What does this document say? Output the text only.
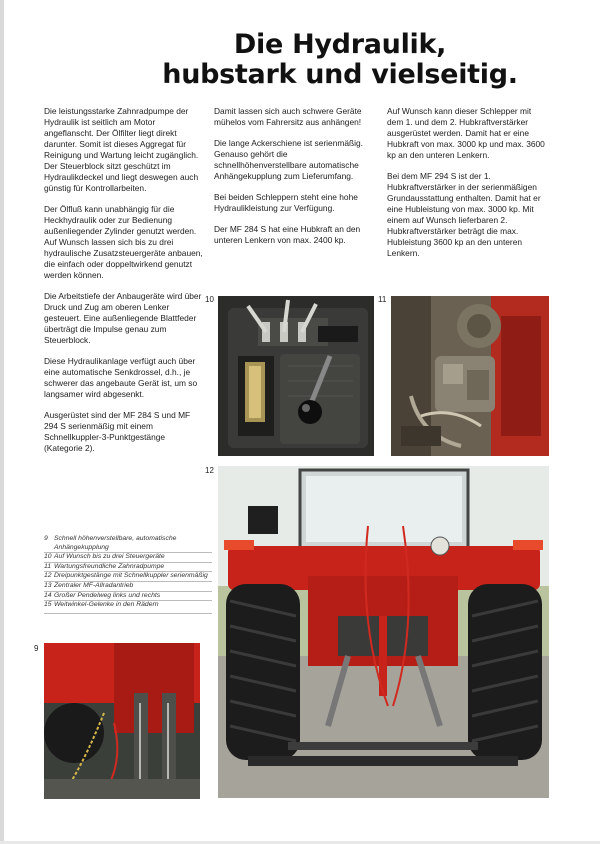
Die Hydraulik,
hubstark und vielseitig.

Die leistungsstarke Zahnradpumpe der Hydraulik ist seitlich am Motor angeflanscht. Der Ölfilter liegt direkt darunter. Somit ist dieses Aggregat für Reinigung und Wartung leicht zugänglich. Der Steuerblock sitzt geschützt im Hydraulikdeckel und liegt deswegen auch günstig für Kontrollarbeiten.

Der Ölfluß kann unabhängig für die Heckhydraulik oder zur Bedienung außenliegender Zylinder genutzt werden. Auf Wunsch lassen sich bis zu drei hydraulische Zusatzsteuergeräte anbauen, die einfach oder doppeltwirkend genutzt werden können.

Die Arbeitstiefe der Anbaugeräte wird über Druck und Zug am oberen Lenker gesteuert. Eine außenliegende Blattfeder überträgt die Impulse genau zum Steuerblock.

Diese Hydraulikanlage verfügt auch über eine automatische Senkdrossel, d.h., je schwerer das angebaute Gerät ist, um so langsamer wird abgesenkt.

Ausgerüstet sind der MF 284 S und MF 294 S serienmäßig mit einem Schnellkuppler-3-Punktgestänge (Kategorie 2).

Damit lassen sich auch schwere Geräte mühelos vom Fahrersitz aus anhängen!

Die lange Ackerschiene ist serienmäßig. Genauso gehört die schnellhöhenverstellbare automatische Anhängekupplung zum Lieferumfang.

Bei beiden Schleppern steht eine hohe Hydraulikleistung zur Verfügung.

Der MF 284 S hat eine Hubkraft an den unteren Lenkern von max. 2400 kp.

Auf Wunsch kann dieser Schlepper mit dem 1. und dem 2. Hubkraftverstärker ausgerüstet werden. Damit hat er eine Hubkraft von max. 3000 kp und max. 3600 kp an den unteren Lenkern.

Bei dem MF 294 S ist der 1. Hubkraftverstärker in der serienmäßigen Grundausstattung enthalten. Damit hat er eine Hubleistung von max. 3000 kp. Mit einem auf Wunsch lieferbaren 2. Hubkraftverstärker beträgt die max. Hubleistung 3600 kp an den unteren Lenkern.

10	11
12
9
9 Schnell höhenverstellbare, automatische Anhängekupplung
10 Auf Wunsch bis zu drei Steuergeräte
11 Wartungsfreundliche Zahnradpumpe
12 Dreipunktgestänge mit Schnellkuppler serienmäßig
13 Zentraler MF-Allradantrieb
14 Großer Pendelweg links und rechts
15 Weitwinkel-Gelenke in den Rädern
